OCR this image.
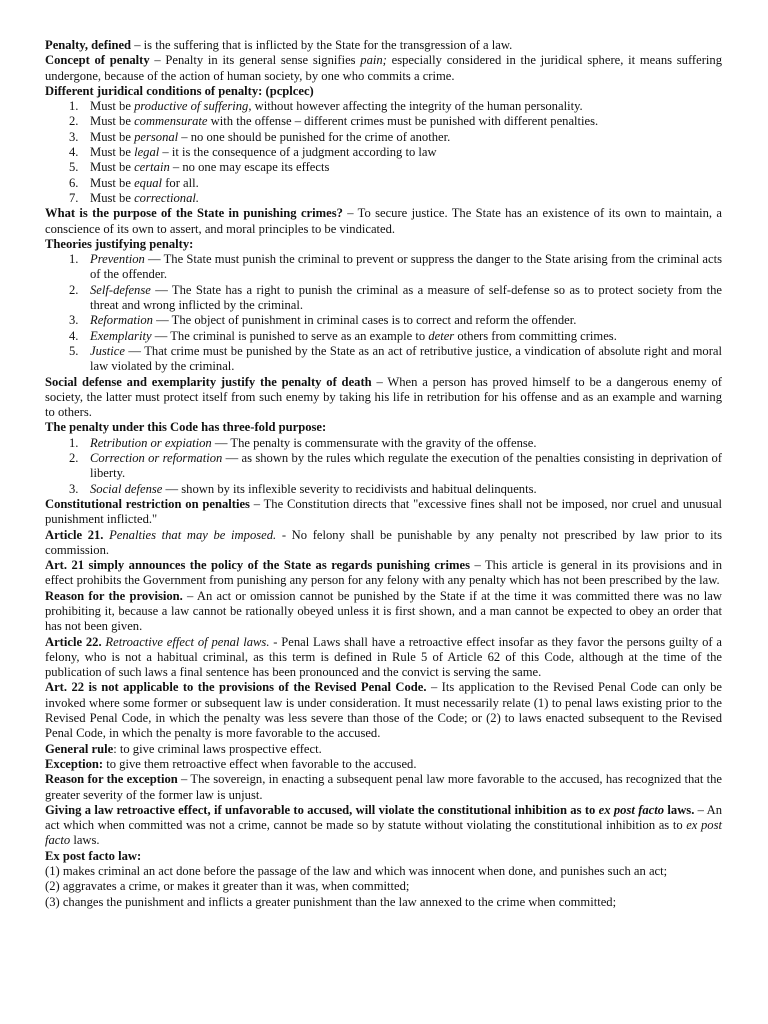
Penalty, defined – is the suffering that is inflicted by the State for the transgression of a law.

Concept of penalty – Penalty in its general sense signifies pain; especially considered in the juridical sphere, it means suffering undergone, because of the action of human society, by one who commits a crime.

Different juridical conditions of penalty: (pcplcec)

1. Must be productive of suffering, without however affecting the integrity of the human personality.
2. Must be commensurate with the offense – different crimes must be punished with different penalties.
3. Must be personal – no one should be punished for the crime of another.
4. Must be legal – it is the consequence of a judgment according to law
5. Must be certain – no one may escape its effects
6. Must be equal for all.
7. Must be correctional.

What is the purpose of the State in punishing crimes? – To secure justice. The State has an existence of its own to maintain, a conscience of its own to assert, and moral principles to be vindicated.

Theories justifying penalty:

1. Prevention — The State must punish the criminal to prevent or suppress the danger to the State arising from the criminal acts of the offender.
2. Self-defense — The State has a right to punish the criminal as a measure of self-defense so as to protect society from the threat and wrong inflicted by the criminal.
3. Reformation — The object of punishment in criminal cases is to correct and reform the offender.
4. Exemplarity — The criminal is punished to serve as an example to deter others from committing crimes.
5. Justice — That crime must be punished by the State as an act of retributive justice, a vindication of absolute right and moral law violated by the criminal.

Social defense and exemplarity justify the penalty of death – When a person has proved himself to be a dangerous enemy of society, the latter must protect itself from such enemy by taking his life in retribution for his offense and as an example and warning to others.

The penalty under this Code has three-fold purpose:

1. Retribution or expiation — The penalty is commensurate with the gravity of the offense.
2. Correction or reformation — as shown by the rules which regulate the execution of the penalties consisting in deprivation of liberty.
3. Social defense — shown by its inflexible severity to recidivists and habitual delinquents.

Constitutional restriction on penalties – The Constitution directs that "excessive fines shall not be imposed, nor cruel and unusual punishment inflicted."

Article 21. Penalties that may be imposed. - No felony shall be punishable by any penalty not prescribed by law prior to its commission.

Art. 21 simply announces the policy of the State as regards punishing crimes – This article is general in its provisions and in effect prohibits the Government from punishing any person for any felony with any penalty which has not been prescribed by the law.

Reason for the provision. – An act or omission cannot be punished by the State if at the time it was committed there was no law prohibiting it, because a law cannot be rationally obeyed unless it is first shown, and a man cannot be expected to obey an order that has not been given.

Article 22. Retroactive effect of penal laws. - Penal Laws shall have a retroactive effect insofar as they favor the persons guilty of a felony, who is not a habitual criminal, as this term is defined in Rule 5 of Article 62 of this Code, although at the time of the publication of such laws a final sentence has been pronounced and the convict is serving the same.

Art. 22 is not applicable to the provisions of the Revised Penal Code. – Its application to the Revised Penal Code can only be invoked where some former or subsequent law is under consideration. It must necessarily relate (1) to penal laws existing prior to the Revised Penal Code, in which the penalty was less severe than those of the Code; or (2) to laws enacted subsequent to the Revised Penal Code, in which the penalty is more favorable to the accused.

General rule: to give criminal laws prospective effect.

Exception: to give them retroactive effect when favorable to the accused.

Reason for the exception – The sovereign, in enacting a subsequent penal law more favorable to the accused, has recognized that the greater severity of the former law is unjust.

Giving a law retroactive effect, if unfavorable to accused, will violate the constitutional inhibition as to ex post facto laws. – An act which when committed was not a crime, cannot be made so by statute without violating the constitutional inhibition as to ex post facto laws.

Ex post facto law:

(1) makes criminal an act done before the passage of the law and which was innocent when done, and punishes such an act;

(2) aggravates a crime, or makes it greater than it was, when committed;

(3) changes the punishment and inflicts a greater punishment than the law annexed to the crime when committed;
